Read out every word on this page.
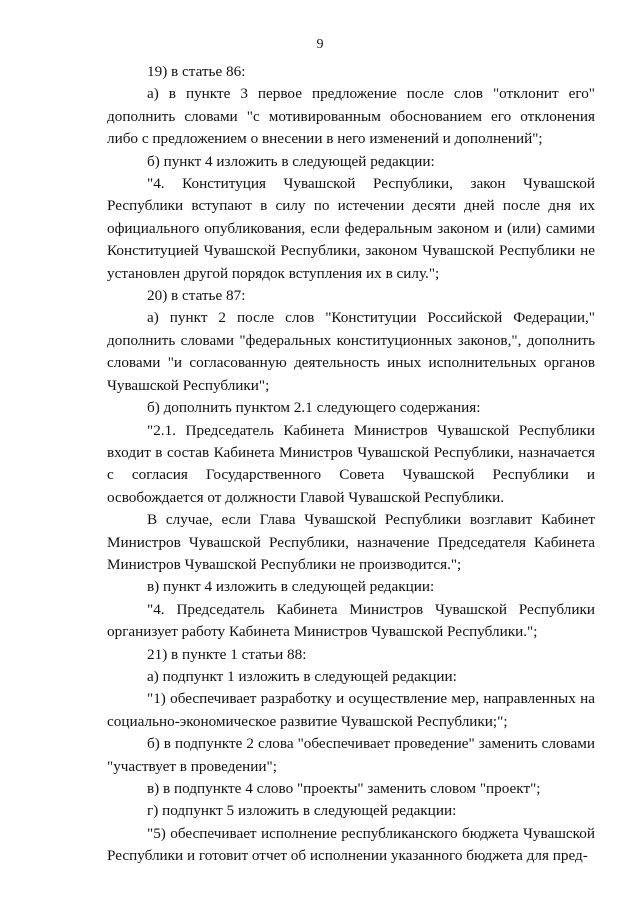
9

19) в статье 86:

а) в пункте 3 первое предложение после слов "отклонит его" дополнить словами "с мотивированным обоснованием его отклонения либо с предложением о внесении в него изменений и дополнений";

б) пункт 4 изложить в следующей редакции:

"4. Конституция Чувашской Республики, закон Чувашской Республики вступают в силу по истечении десяти дней после дня их официального опубликования, если федеральным законом и (или) самими Конституцией Чувашской Республики, законом Чувашской Республики не установлен другой порядок вступления их в силу.";

20) в статье 87:

а) пункт 2 после слов "Конституции Российской Федерации," дополнить словами "федеральных конституционных законов,", дополнить словами "и согласованную деятельность иных исполнительных органов Чувашской Республики";

б) дополнить пунктом 2.1 следующего содержания:

"2.1. Председатель Кабинета Министров Чувашской Республики входит в состав Кабинета Министров Чувашской Республики, назначается с согласия Государственного Совета Чувашской Республики и освобождается от должности Главой Чувашской Республики.

В случае, если Глава Чувашской Республики возглавит Кабинет Министров Чувашской Республики, назначение Председателя Кабинета Министров Чувашской Республики не производится.";

в) пункт 4 изложить в следующей редакции:

"4. Председатель Кабинета Министров Чувашской Республики организует работу Кабинета Министров Чувашской Республики.";

21) в пункте 1 статьи 88:

а) подпункт 1 изложить в следующей редакции:

"1) обеспечивает разработку и осуществление мер, направленных на социально-экономическое развитие Чувашской Республики;";

б) в подпункте 2 слова "обеспечивает проведение" заменить словами "участвует в проведении";

в) в подпункте 4 слово "проекты" заменить словом "проект";

г) подпункт 5 изложить в следующей редакции:

"5) обеспечивает исполнение республиканского бюджета Чувашской Республики и готовит отчет об исполнении указанного бюджета для пред-
